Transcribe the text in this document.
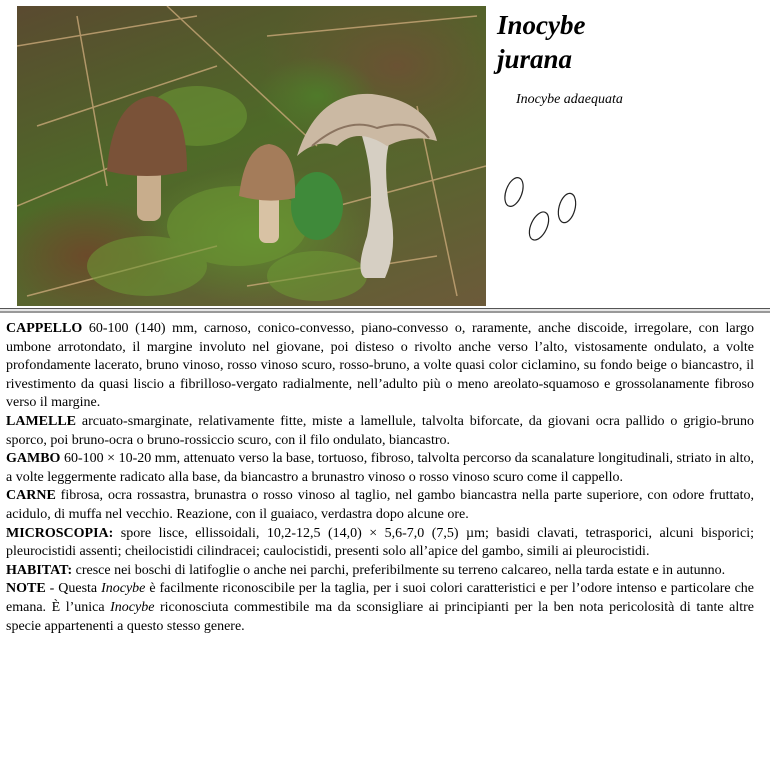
Inocybe

jurana

Inocybe adaequata

CAPPELLO 60-100 (140) mm, carnoso, conico-convesso, piano-convesso o, raramente, anche discoide, irregolare, con largo umbone arrotondato, il margine involuto nel giovane, poi disteso o rivolto anche verso l’alto, vistosamente ondulato, a volte profondamente lacerato, bruno vinoso, rosso vinoso scuro, rosso-bruno, a volte quasi color ciclamino, su fondo beige o biancastro, il rivestimento da quasi liscio a fibrilloso-vergato radialmente, nell’adulto più o meno areolato-squamoso e grossolanamente fibroso verso il margine.

LAMELLE arcuato-smarginate, relativamente fitte, miste a lamellule, talvolta biforcate, da giovani ocra pallido o grigio-bruno sporco, poi bruno-ocra o bruno-rossiccio scuro, con il filo ondulato, biancastro.

GAMBO 60-100 × 10-20 mm, attenuato verso la base, tortuoso, fibroso, talvolta percorso da scanalature longitudinali, striato in alto, a volte leggermente radicato alla base, da biancastro a brunastro vinoso o rosso vinoso scuro come il cappello.

CARNE fibrosa, ocra rossastra, brunastra o rosso vinoso al taglio, nel gambo biancastra nella parte superiore, con odore fruttato, acidulo, di muffa nel vecchio. Reazione, con il guaiaco, verdastra dopo alcune ore.

MICROSCOPIA: spore lisce, ellissoidali, 10,2-12,5 (14,0) × 5,6-7,0 (7,5) µm; basidi clavati, tetrasporici, alcuni bisporici; pleurocistidi assenti; cheilocistidi cilindracei; caulocistidi, presenti solo all’apice del gambo, simili ai pleurocistidi.

HABITAT: cresce nei boschi di latifoglie o anche nei parchi, preferibilmente su terreno calcareo, nella tarda estate e in autunno.

NOTE - Questa Inocybe è facilmente riconoscibile per la taglia, per i suoi colori caratteristici e per l’odore intenso e particolare che emana. È l’unica Inocybe riconosciuta commestibile ma da sconsigliare ai principianti per la ben nota pericolosità di tante altre specie appartenenti a questo stesso genere.
